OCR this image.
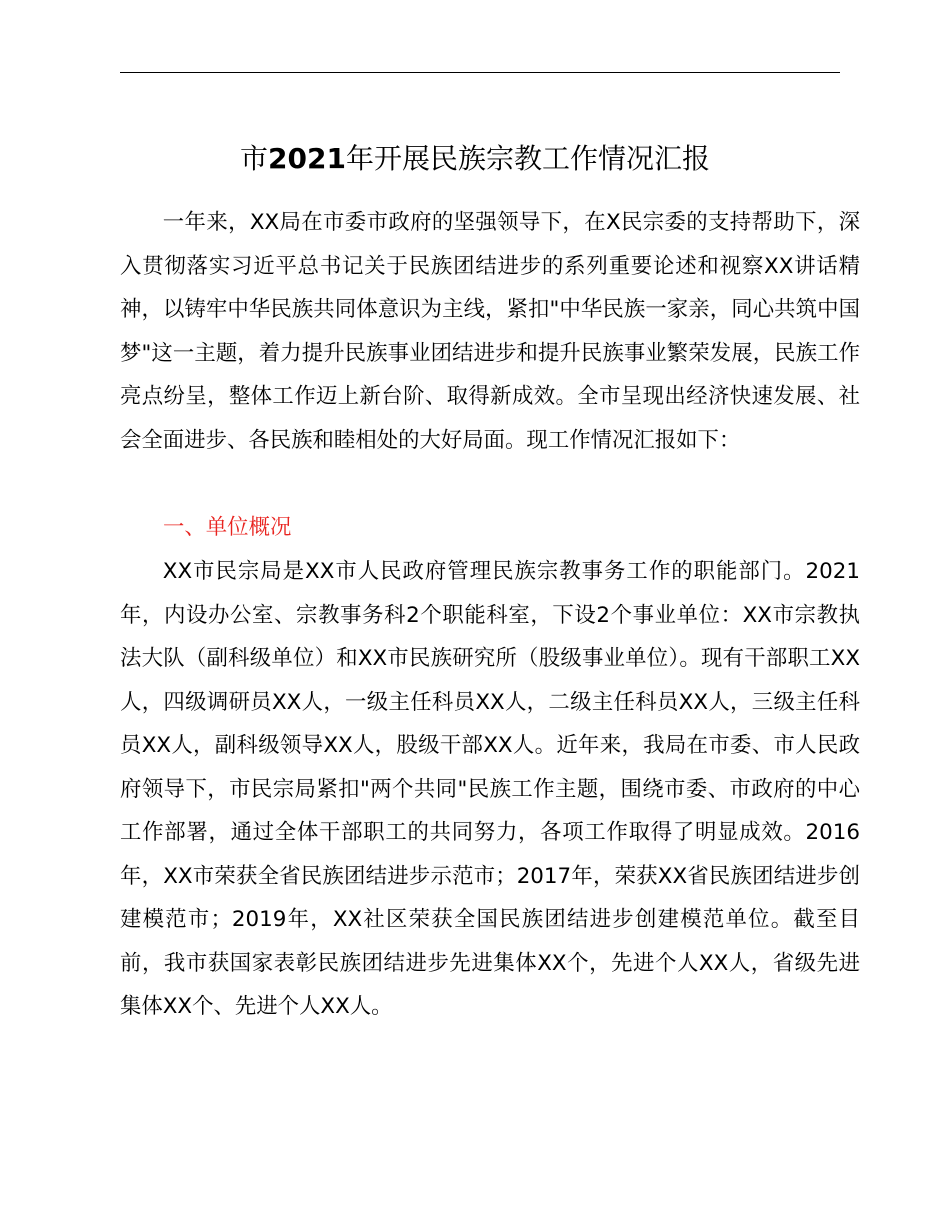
市2021年开展民族宗教工作情况汇报

一年来，XX局在市委市政府的坚强领导下，在X民宗委的支持帮助下，深入贯彻落实习近平总书记关于民族团结进步的系列重要论述和视察XX讲话精神，以铸牢中华民族共同体意识为主线，紧扣"中华民族一家亲，同心共筑中国梦"这一主题，着力提升民族事业团结进步和提升民族事业繁荣发展，民族工作亮点纷呈，整体工作迈上新台阶、取得新成效。全市呈现出经济快速发展、社会全面进步、各民族和睦相处的大好局面。现工作情况汇报如下：

一、单位概况

XX市民宗局是XX市人民政府管理民族宗教事务工作的职能部门。2021年，内设办公室、宗教事务科2个职能科室，下设2个事业单位：XX市宗教执法大队（副科级单位）和XX市民族研究所（股级事业单位）。现有干部职工XX人，四级调研员XX人，一级主任科员XX人，二级主任科员XX人，三级主任科员XX人，副科级领导XX人，股级干部XX人。近年来，我局在市委、市人民政府领导下，市民宗局紧扣"两个共同"民族工作主题，围绕市委、市政府的中心工作部署，通过全体干部职工的共同努力，各项工作取得了明显成效。2016年，XX市荣获全省民族团结进步示范市；2017年，荣获XX省民族团结进步创建模范市；2019年，XX社区荣获全国民族团结进步创建模范单位。截至目前，我市获国家表彰民族团结进步先进集体XX个，先进个人XX人，省级先进集体XX个、先进个人XX人。
